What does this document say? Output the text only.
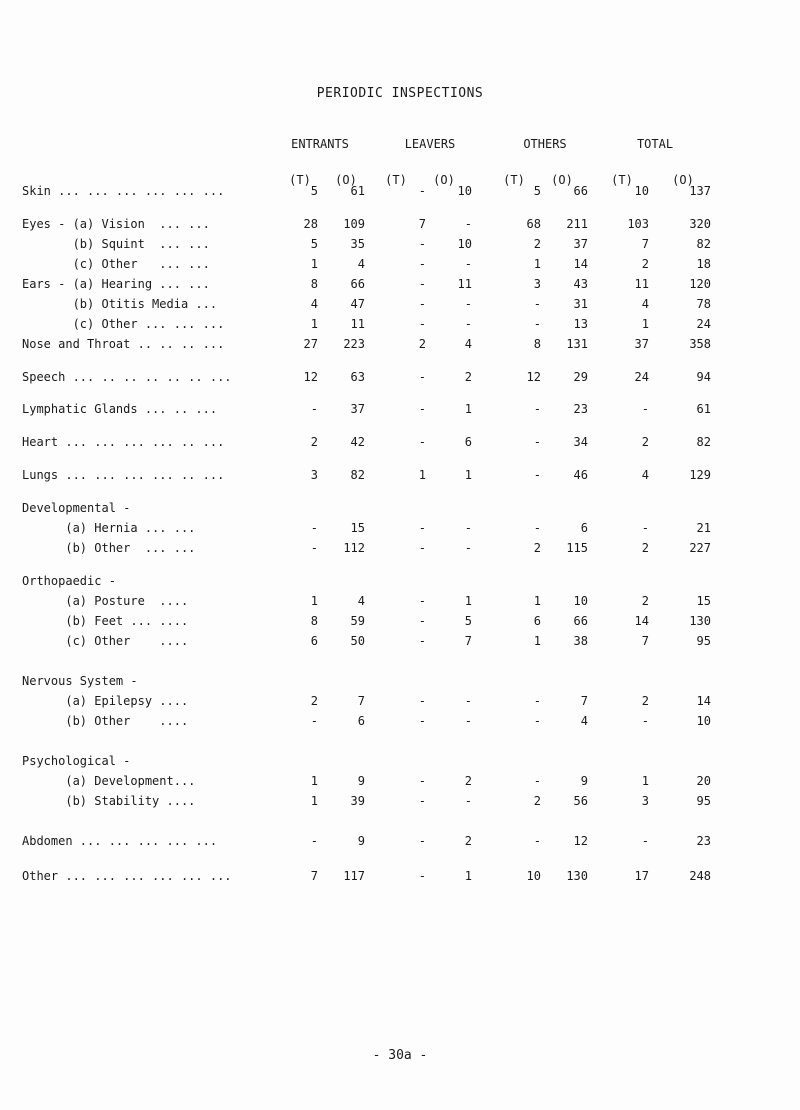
PERIODIC INSPECTIONS
ENTRANTS	LEAVERS	OTHERS	TOTAL
(T)	(O)	(T)	(O)	(T)	(O)	(T)	(O)
Skin ... ... ... ... ... ...	5	61	-	10	5	66	10	137
Eyes - (a) Vision  ... ...	28	109	7	-	68	211	103	320
(b) Squint  ... ...	5	35	-	10	2	37	7	82
(c) Other   ... ...	1	4	-	-	1	14	2	18
Ears - (a) Hearing ... ...	8	66	-	11	3	43	11	120
(b) Otitis Media ...	4	47	-	-	-	31	4	78
(c) Other ... ... ...	1	11	-	-	-	13	1	24
Nose and Throat .. .. .. ...	27	223	2	4	8	131	37	358
Speech ... .. .. .. .. .. ...	12	63	-	2	12	29	24	94
Lymphatic Glands ... .. ...	-	37	-	1	-	23	-	61
Heart ... ... ... ... .. ...	2	42	-	6	-	34	2	82
Lungs ... ... ... ... .. ...	3	82	1	1	-	46	4	129
Developmental -
(a) Hernia ... ...	-	15	-	-	-	6	-	21
(b) Other  ... ...	-	112	-	-	2	115	2	227
Orthopaedic -
(a) Posture  ....	1	4	-	1	1	10	2	15
(b) Feet ... ....	8	59	-	5	6	66	14	130
(c) Other    ....	6	50	-	7	1	38	7	95
Nervous System -
(a) Epilepsy ....	2	7	-	-	-	7	2	14
(b) Other    ....	-	6	-	-	-	4	-	10
Psychological -
(a) Development...	1	9	-	2	-	9	1	20
(b) Stability ....	1	39	-	-	2	56	3	95
Abdomen ... ... ... ... ...	-	9	-	2	-	12	-	23
Other ... ... ... ... ... ...	7	117	-	1	10	130	17	248
- 30a -
